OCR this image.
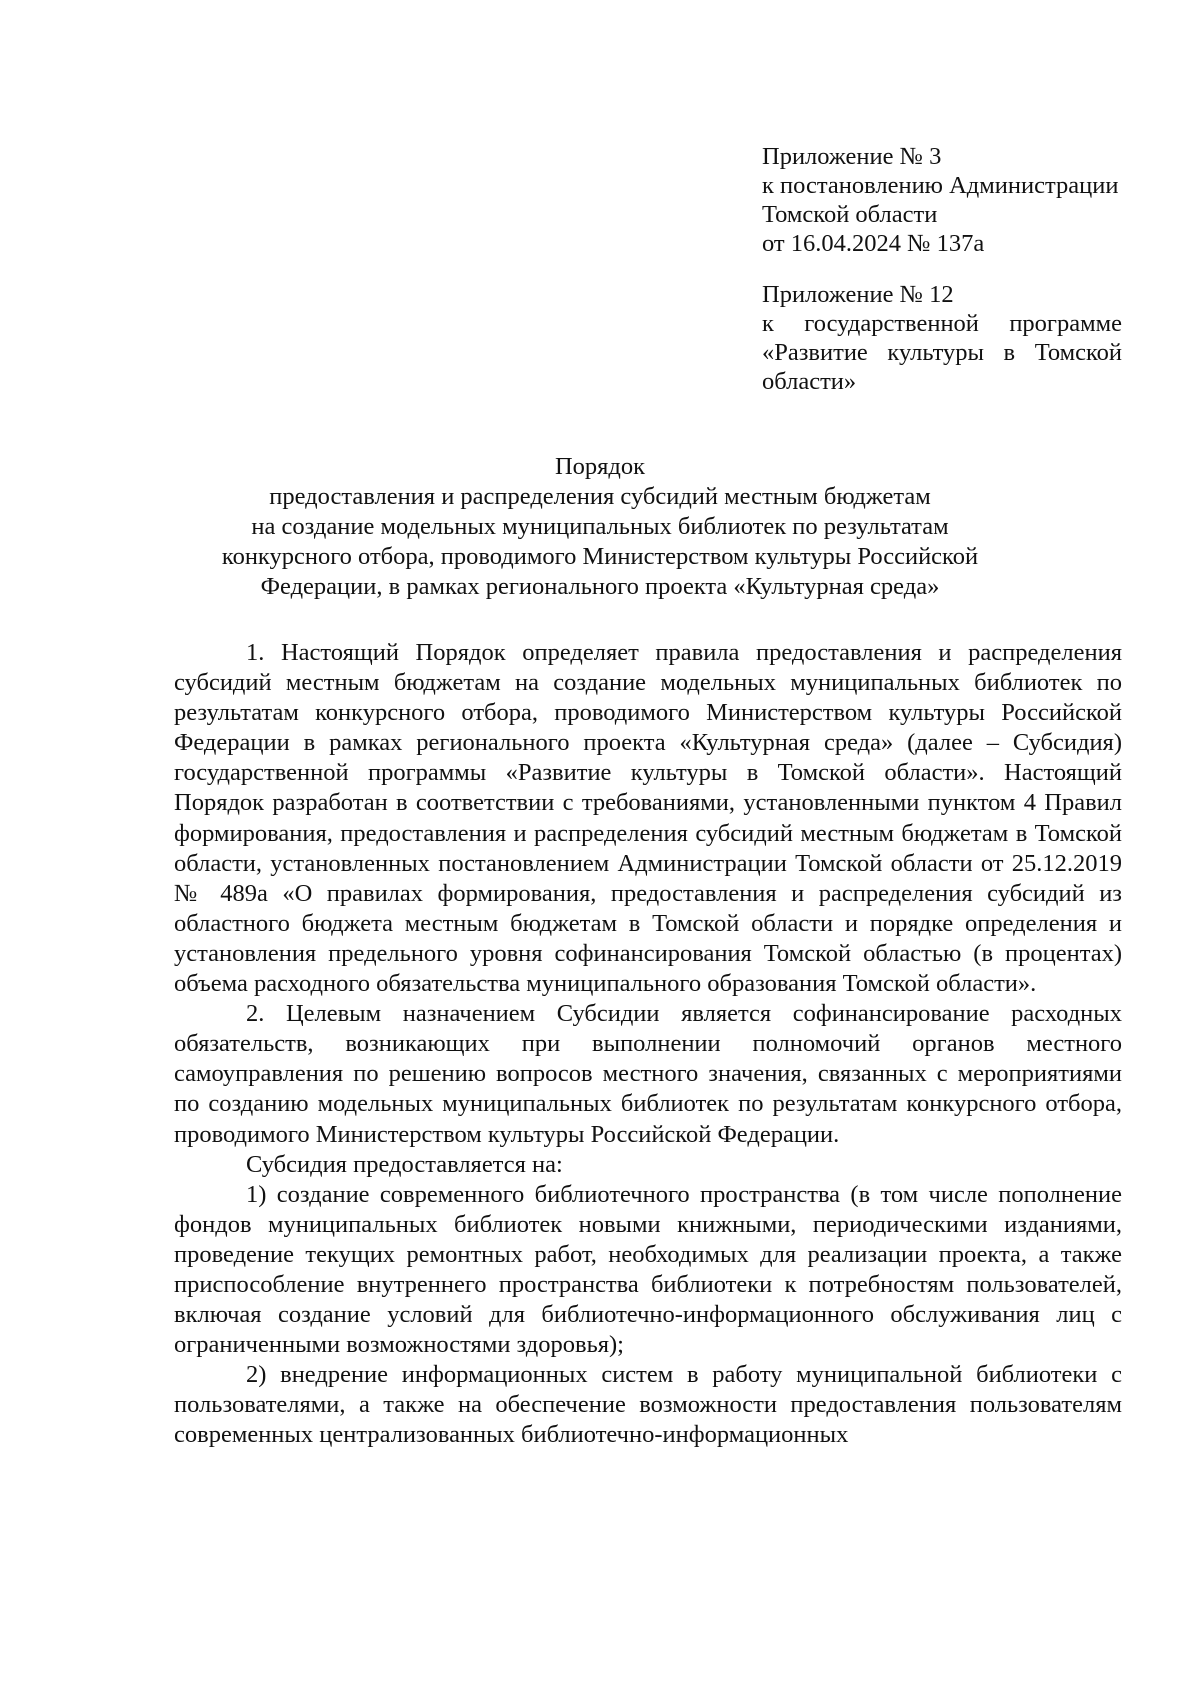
Приложение № 3
к постановлению Администрации
Томской области
от 16.04.2024 № 137а
Приложение № 12
к государственной программе
«Развитие культуры в Томской
области»
Порядок
предоставления и распределения субсидий местным бюджетам
на создание модельных муниципальных библиотек по результатам
конкурсного отбора, проводимого Министерством культуры Российской
Федерации, в рамках регионального проекта «Культурная среда»

1. Настоящий Порядок определяет правила предоставления и распределения субсидий местным бюджетам на создание модельных муниципальных библиотек по результатам конкурсного отбора, проводимого Министерством культуры Российской Федерации в рамках регионального проекта «Культурная среда» (далее – Субсидия) государственной программы «Развитие культуры в Томской области». Настоящий Порядок разработан в соответствии с требованиями, установленными пунктом 4 Правил формирования, предоставления и распределения субсидий местным бюджетам в Томской области, установленных постановлением Администрации Томской области от 25.12.2019 № 489а «О правилах формирования, предоставления и распределения субсидий из областного бюджета местным бюджетам в Томской области и порядке определения и установления предельного уровня софинансирования Томской областью (в процентах) объема расходного обязательства муниципального образования Томской области».

2. Целевым назначением Субсидии является софинансирование расходных обязательств, возникающих при выполнении полномочий органов местного самоуправления по решению вопросов местного значения, связанных с мероприятиями по созданию модельных муниципальных библиотек по результатам конкурсного отбора, проводимого Министерством культуры Российской Федерации.

Субсидия предоставляется на:

1) создание современного библиотечного пространства (в том числе пополнение фондов муниципальных библиотек новыми книжными, периодическими изданиями, проведение текущих ремонтных работ, необходимых для реализации проекта, а также приспособление внутреннего пространства библиотеки к потребностям пользователей, включая создание условий для библиотечно-информационного обслуживания лиц с ограниченными возможностями здоровья);

2) внедрение информационных систем в работу муниципальной библиотеки с пользователями, а также на обеспечение возможности предоставления пользователям современных централизованных библиотечно-информационных
